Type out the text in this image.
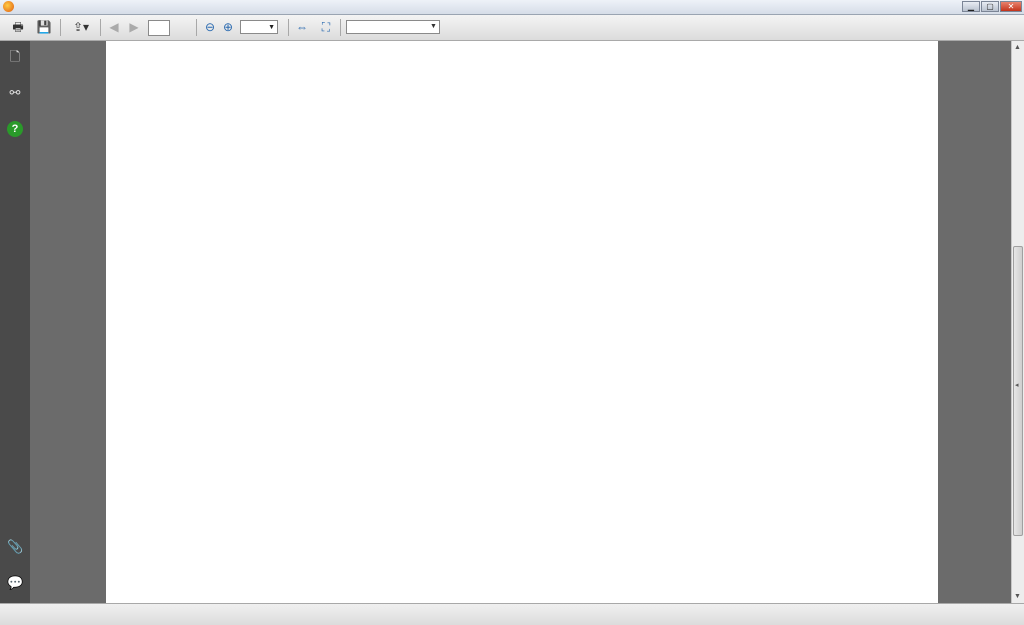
▁	▢	✕
🖶	💾	⇪▾	◀ ▶	⊖ ⊕	▼	⇔	⛶	▼
🗋
⚯
?
📎
💬
▲
◂
▼
